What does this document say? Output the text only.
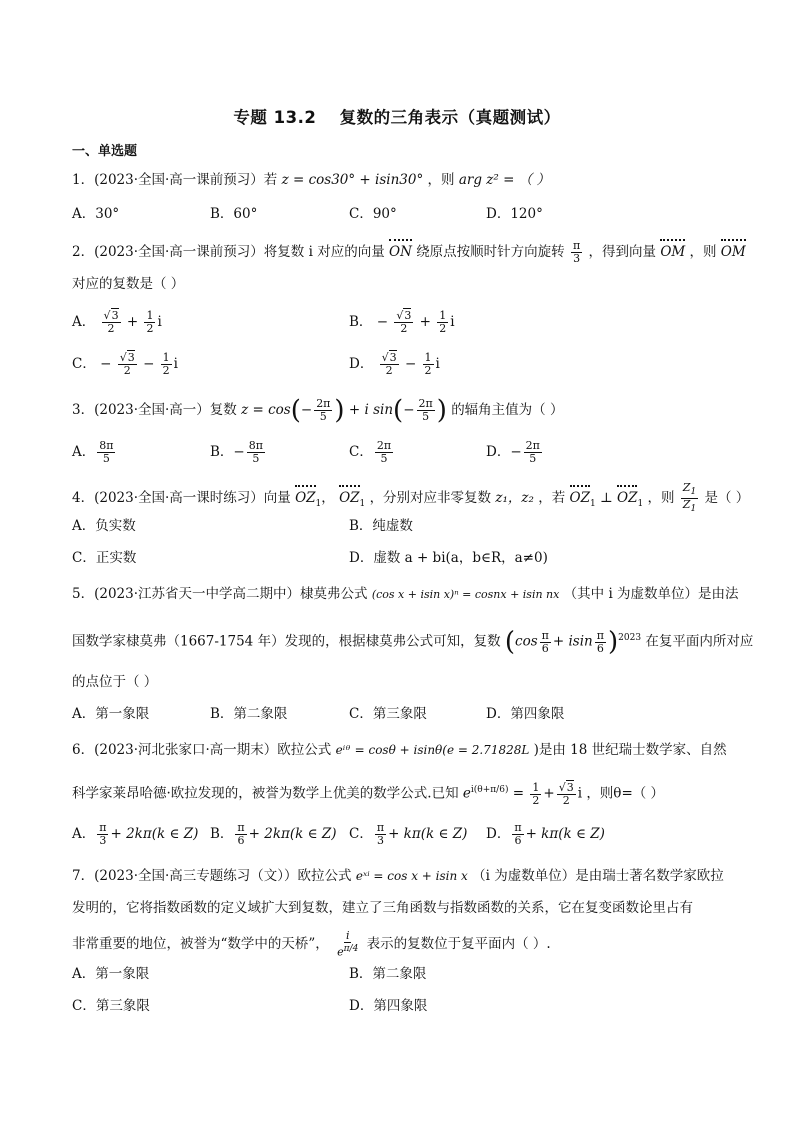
专题 13.2　 复数的三角表示（真题测试）
一、单选题
1．(2023·全国·高一课前预习）若 z = cos30° + isin30° ，则 arg z² = （ ）
A．30°	B．60°	C．90°	D．120°
2．(2023·全国·高一课前预习）将复数 i 对应的向量 ON 绕原点按顺时针方向旋转 $\frac{\pi}{3}$ ，得到向量 OM ，则 OM
对应的复数是（ ）
A． $\frac{√3}{2} + \frac{1}{2}$ i	B． − $\frac{√3}{2} + \frac{1}{2}$ i
C． − $\frac{√3}{2} - \frac{1}{2}$ i	D． $\frac{√3}{2} - \frac{1}{2}$ i
3．(2023·全国·高一）复数 $z = \cos(- \frac{2\pi}{5}$ ) + i $\sin(- \frac{2\pi}{5}$ ) 的辐角主值为（ ）
A． $\frac{8\pi}{5}$	B．− $\frac{8\pi}{5}$	C． $\frac{2\pi}{5}$	D．− $\frac{2\pi}{5}$
4．(2023·全国·高一课时练习）向量 $OZ_1$， $OZ_1$ ，分别对应非零复数 z₁，z₂ ，若 $OZ_1$ ⊥ $OZ_1$ ，则 $\frac{Z_1}{Z_1}$ 是（ ）
A．负实数	B．纯虚数
C．正实数	D．虚数 a + bi(a，b∈R，a≠0)
5．(2023·江苏省天一中学高二期中）棣莫弗公式 (cos x + isin x)ⁿ = cosnx + isin nx （其中 i 为虚数单位）是由法
国数学家棣莫弗（1667-1754 年）发现的，根据棣莫弗公式可知，复数 $(\cos \frac{\pi}{6} + isin \frac{\pi}{6} )^{2023}$ 在复平面内所对应
的点位于（ ）
A．第一象限	B．第二象限	C．第三象限	D．第四象限
6．(2023·河北张家口·高一期末）欧拉公式 eⁱᶿ = cosθ + isinθ(e = 2.71828L )是由 18 世纪瑞士数学家、自然
科学家莱昂哈德·欧拉发现的，被誉为数学上优美的数学公式.已知 $e^{i(\theta+\pi/6)} = \frac{1}{2} + \frac{√3}{2}$ i ，则θ=（ ）
A． $\frac{\pi}{3} + 2k\pi(k$ ∈ Z) B． $\frac{\pi}{6} + 2k\pi(k$ ∈ Z) C． $\frac{\pi}{3} + k\pi(k$ ∈ Z) D． $\frac{\pi}{6} + k\pi(k$ ∈ Z)
7．(2023·全国·高三专题练习（文））欧拉公式 eˣⁱ = cos x + isin x （i 为虚数单位）是由瑞士著名数学家欧拉
发明的，它将指数函数的定义域扩大到复数，建立了三角函数与指数函数的关系，它在复变函数论里占有
非常重要的地位，被誉为“数学中的天桥”， $\frac{i}{e^{\pi/4}}$ 表示的复数位于复平面内（ ）.
A．第一象限	B．第二象限
C．第三象限	D．第四象限
